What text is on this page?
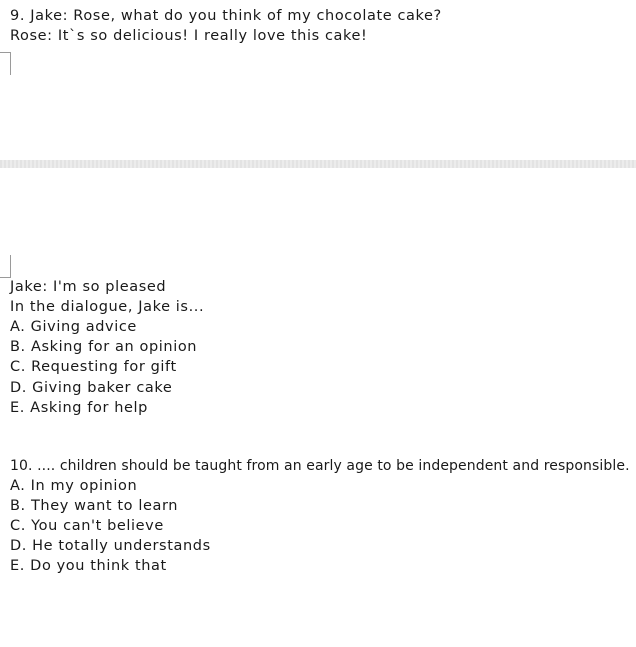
9. Jake: Rose, what do you think of my chocolate cake?
Rose: It`s so delicious! I really love this cake!
Jake: I'm so pleased
In the dialogue, Jake is...
A. Giving advice
B. Asking for an opinion
C. Requesting for gift
D. Giving baker cake
E. Asking for help
10. .... children should be taught from an early age to be independent and responsible.
A. In my opinion
B. They want to learn
C. You can't believe
D. He totally understands
E. Do you think that
